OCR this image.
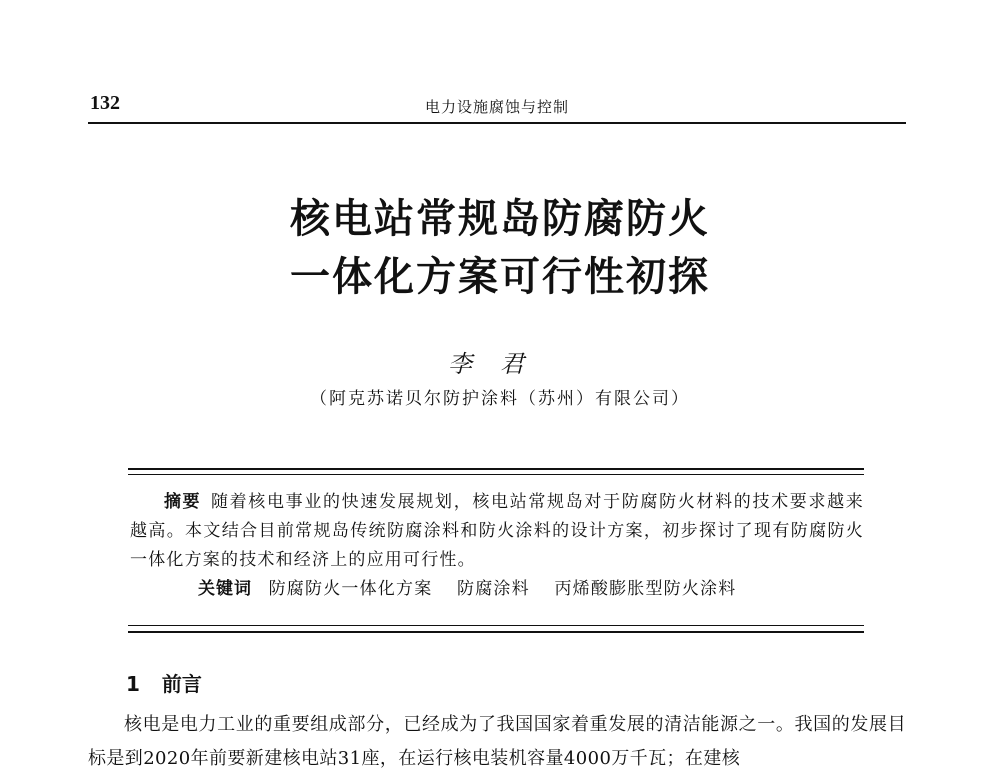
132	电力设施腐蚀与控制
核电站常规岛防腐防火
一体化方案可行性初探
李君
（阿克苏诺贝尔防护涂料（苏州）有限公司）

摘要 随着核电事业的快速发展规划，核电站常规岛对于防腐防火材料的技术要求越来越高。本文结合目前常规岛传统防腐涂料和防火涂料的设计方案，初步探讨了现有防腐防火一体化方案的技术和经济上的应用可行性。

关键词 防腐防火一体化方案 防腐涂料 丙烯酸膨胀型防火涂料

1 前言

核电是电力工业的重要组成部分，已经成为了我国国家着重发展的清洁能源之一。我国的发展目标是到2020年前要新建核电站31座，在运行核电装机容量4000万千瓦；在建核
